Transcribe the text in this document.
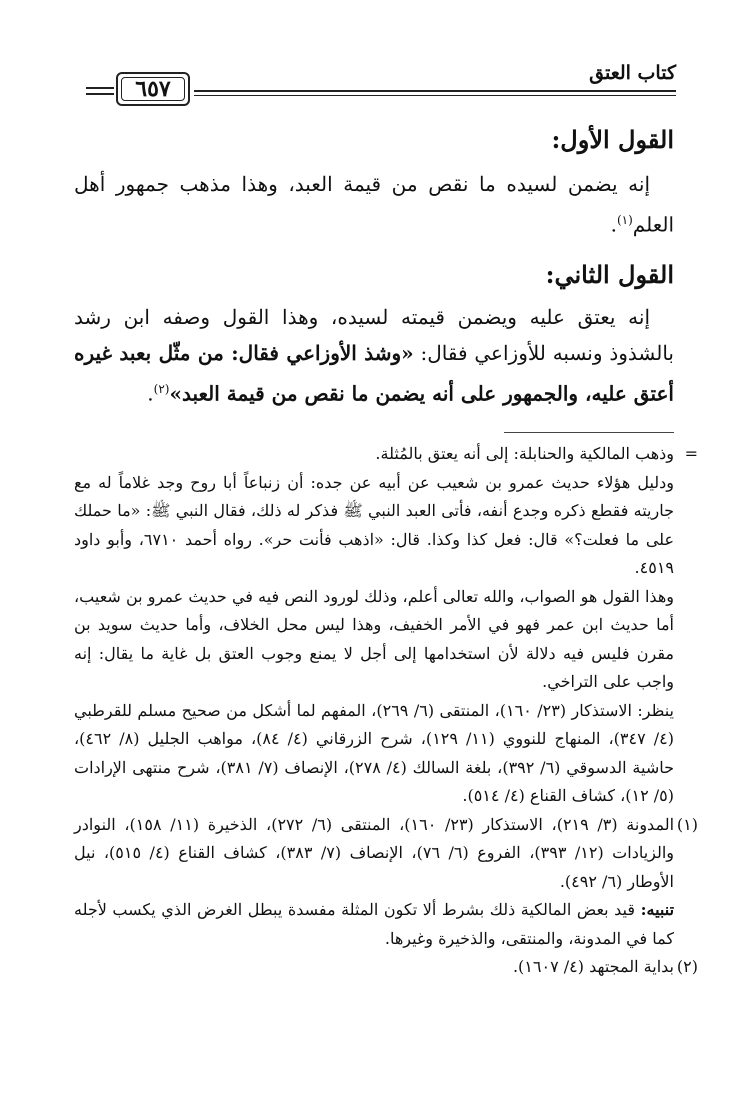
كتاب العتق
٦٥٧

القول الأول:

إنه يضمن لسيده ما نقص من قيمة العبد، وهذا مذهب جمهور أهل العلم$^{(١)}$.

القول الثاني:

إنه يعتق عليه ويضمن قيمته لسيده، وهذا القول وصفه ابن رشد بالشذوذ ونسبه للأوزاعي فقال: «وشذ الأوزاعي فقال: من مثّل بعبد غيره أعتق عليه، والجمهور على أنه يضمن ما نقص من قيمة العبد»$^{(٢)}$.

=
وذهب المالكية والحنابلة: إلى أنه يعتق بالمُثلة.

ودليل هؤلاء حديث عمرو بن شعيب عن أبيه عن جده: أن زنباعاً أبا روح وجد غلاماً له مع جاريته فقطع ذكره وجدع أنفه، فأتى العبد النبي ﷺ فذكر له ذلك، فقال النبي ﷺ: «ما حملك على ما فعلت؟» قال: فعل كذا وكذا. قال: «اذهب فأنت حر». رواه أحمد ٦٧١٠، وأبو داود ٤٥١٩.

وهذا القول هو الصواب، والله تعالى أعلم، وذلك لورود النص فيه في حديث عمرو بن شعيب، أما حديث ابن عمر فهو في الأمر الخفيف، وهذا ليس محل الخلاف، وأما حديث سويد بن مقرن فليس فيه دلالة لأن استخدامها إلى أجل لا يمنع وجوب العتق بل غاية ما يقال: إنه واجب على التراخي.

ينظر: الاستذكار (٢٣/ ١٦٠)، المنتقى (٦/ ٢٦٩)، المفهم لما أشكل من صحيح مسلم للقرطبي (٤/ ٣٤٧)، المنهاج للنووي (١١/ ١٢٩)، شرح الزرقاني (٤/ ٨٤)، مواهب الجليل (٨/ ٤٦٢)، حاشية الدسوقي (٦/ ٣٩٢)، بلغة السالك (٤/ ٢٧٨)، الإنصاف (٧/ ٣٨١)، شرح منتهى الإرادات (٥/ ١٢)، كشاف القناع (٤/ ٥١٤).

(١)
المدونة (٣/ ٢١٩)، الاستذكار (٢٣/ ١٦٠)، المنتقى (٦/ ٢٧٢)، الذخيرة (١١/ ١٥٨)، النوادر والزيادات (١٢/ ٣٩٣)، الفروع (٦/ ٧٦)، الإنصاف (٧/ ٣٨٣)، كشاف القناع (٤/ ٥١٥)، نيل الأوطار (٦/ ٤٩٢).

تنبيه: قيد بعض المالكية ذلك بشرط ألا تكون المثلة مفسدة يبطل الغرض الذي يكسب لأجله كما في المدونة، والمنتقى، والذخيرة وغيرها.

(٢)
بداية المجتهد (٤/ ١٦٠٧).
